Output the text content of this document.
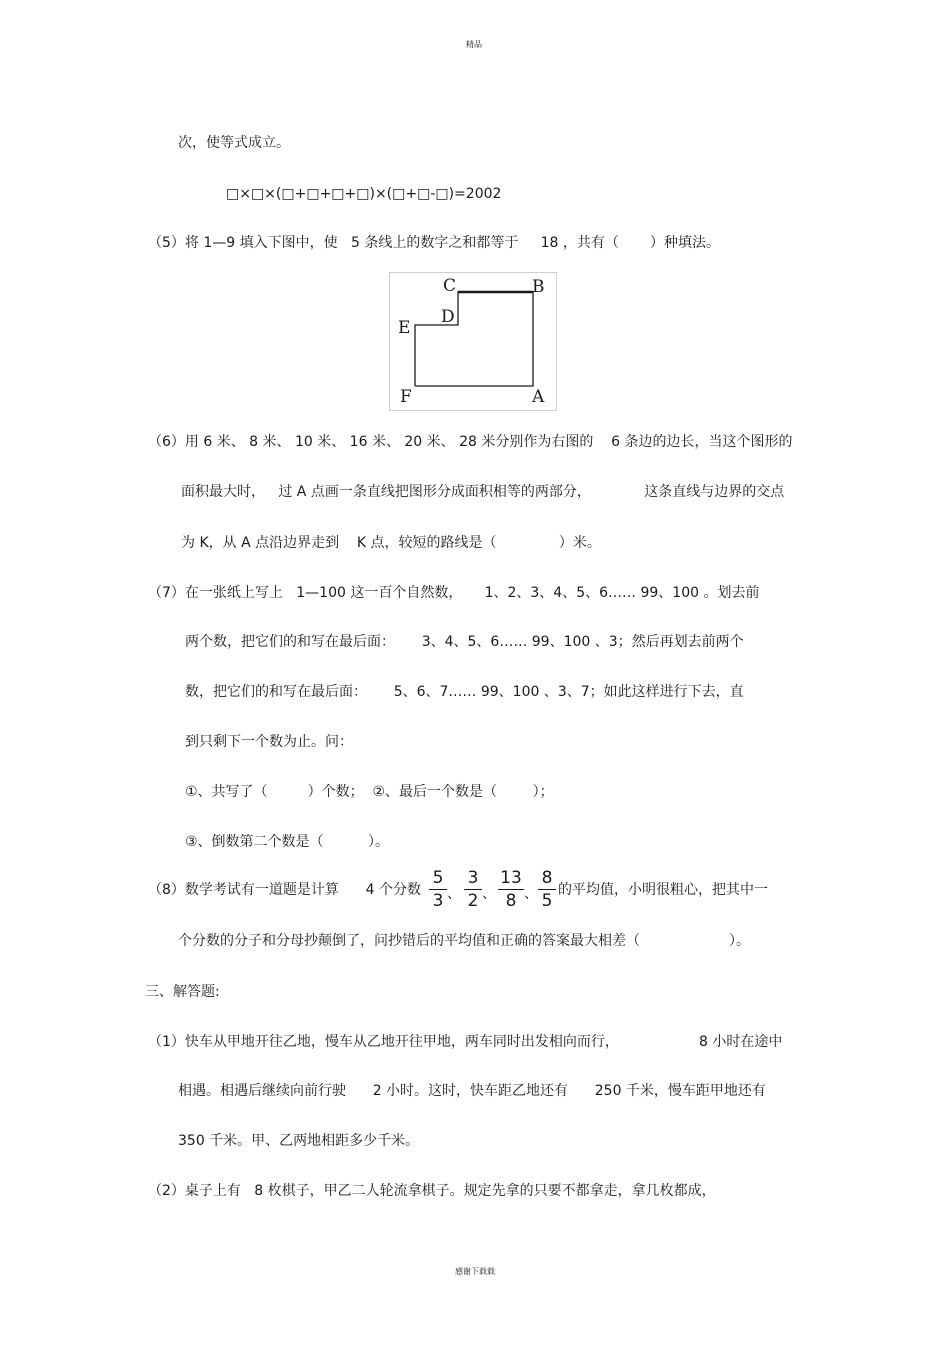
精品
感谢下载载
次，使等式成立。
□×□×(□+□+□+□)×(□+□-□)=2002
（5）将 1—9 填入下图中，使   5 条线上的数字之和都等于     18 ，共有（       ）种填法。
C	B
D
E
F	A
（6）用 6 米、 8 米、 10 米、 16 米、 20 米、 28 米分别作为右图的    6 条边的边长，当这个图形的
面积最大时，   过 A 点画一条直线把图形分成面积相等的两部分，            这条直线与边界的交点
为 K，从 A 点沿边界走到    K 点，较短的路线是（              ）米。
（7）在一张纸上写上   1—100 这一百个自然数，     1、2、3、4、5、6…… 99、100 。划去前
两个数，把它们的和写在最后面：      3、4、5、6…… 99、100 、3；然后再划去前两个
数，把它们的和写在最后面：      5、6、7…… 99、100 、3、7；如此这样进行下去，直
到只剩下一个数为止。问：
①、共写了（         ）个数；  ②、最后一个数是（        ）；
③、倒数第二个数是（          ）。
（8）数学考试有一道题是计算      4 个分数
5
3 、
3
2 、
13
8 、
8
5
的平均值，小明很粗心，把其中一
个分数的分子和分母抄颠倒了，问抄错后的平均值和正确的答案最大相差（                    ）。
三、解答题:
（1）快车从甲地开往乙地，慢车从乙地开往甲地，两车同时出发相向而行，                  8 小时在途中
相遇。相遇后继续向前行驶      2 小时。这时，快车距乙地还有      250 千米，慢车距甲地还有
350 千米。甲、乙两地相距多少千米。
（2）桌子上有   8 枚棋子，甲乙二人轮流拿棋子。规定先拿的只要不都拿走，拿几枚都成，
